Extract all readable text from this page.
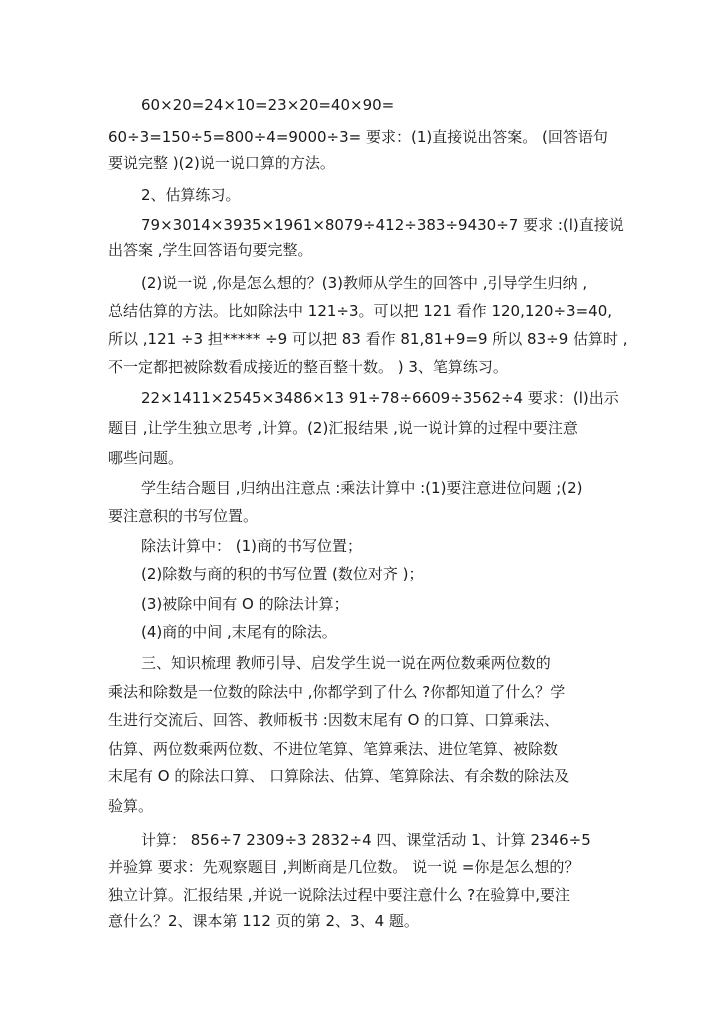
60×20=24×10=23×20=40×90=
60÷3=150÷5=800÷4=9000÷3= 要求：(1)直接说出答案。 (回答语句
要说完整 )(2)说一说口算的方法。
2、估算练习。
79×3014×3935×1961×8079÷412÷383÷9430÷7 要求 :(l)直接说
出答案 ,学生回答语句要完整。
(2)说一说 ,你是怎么想的？(3)教师从学生的回答中 ,引导学生归纳 ,
总结估算的方法。比如除法中 121÷3。可以把 121 看作 120,120÷3=40,
所以 ,121 ÷3 担***** ÷9 可以把 83 看作 81,81+9=9 所以 83÷9 估算时 ,
不一定都把被除数看成接近的整百整十数。 ) 3、笔算练习。
22×1411×2545×3486×13 91÷78÷6609÷3562÷4 要求：(l)出示
题目 ,让学生独立思考 ,计算。(2)汇报结果 ,说一说计算的过程中要注意
哪些问题。
学生结合题目 ,归纳出注意点 :乘法计算中 :(1)要注意进位问题 ;(2)
要注意积的书写位置。
除法计算中： (1)商的书写位置；
(2)除数与商的积的书写位置 (数位对齐 )；
(3)被除中间有 O 的除法计算；
(4)商的中间 ,末尾有的除法。
三、知识梳理 教师引导、启发学生说一说在两位数乘两位数的
乘法和除数是一位数的除法中 ,你都学到了什么 ?你都知道了什么？学
生进行交流后、回答、教师板书 :因数末尾有 O 的口算、口算乘法、
估算、两位数乘两位数、不进位笔算、笔算乘法、进位笔算、被除数
末尾有 O 的除法口算、 口算除法、估算、笔算除法、有余数的除法及
验算。
计算： 856÷7 2309÷3 2832÷4 四、课堂活动 1、计算 2346÷5
并验算 要求：先观察题目 ,判断商是几位数。 说一说 =你是怎么想的？
独立计算。汇报结果 ,并说一说除法过程中要注意什么 ?在验算中,要注
意什么？2、课本第 112 页的第 2、3、4 题。
